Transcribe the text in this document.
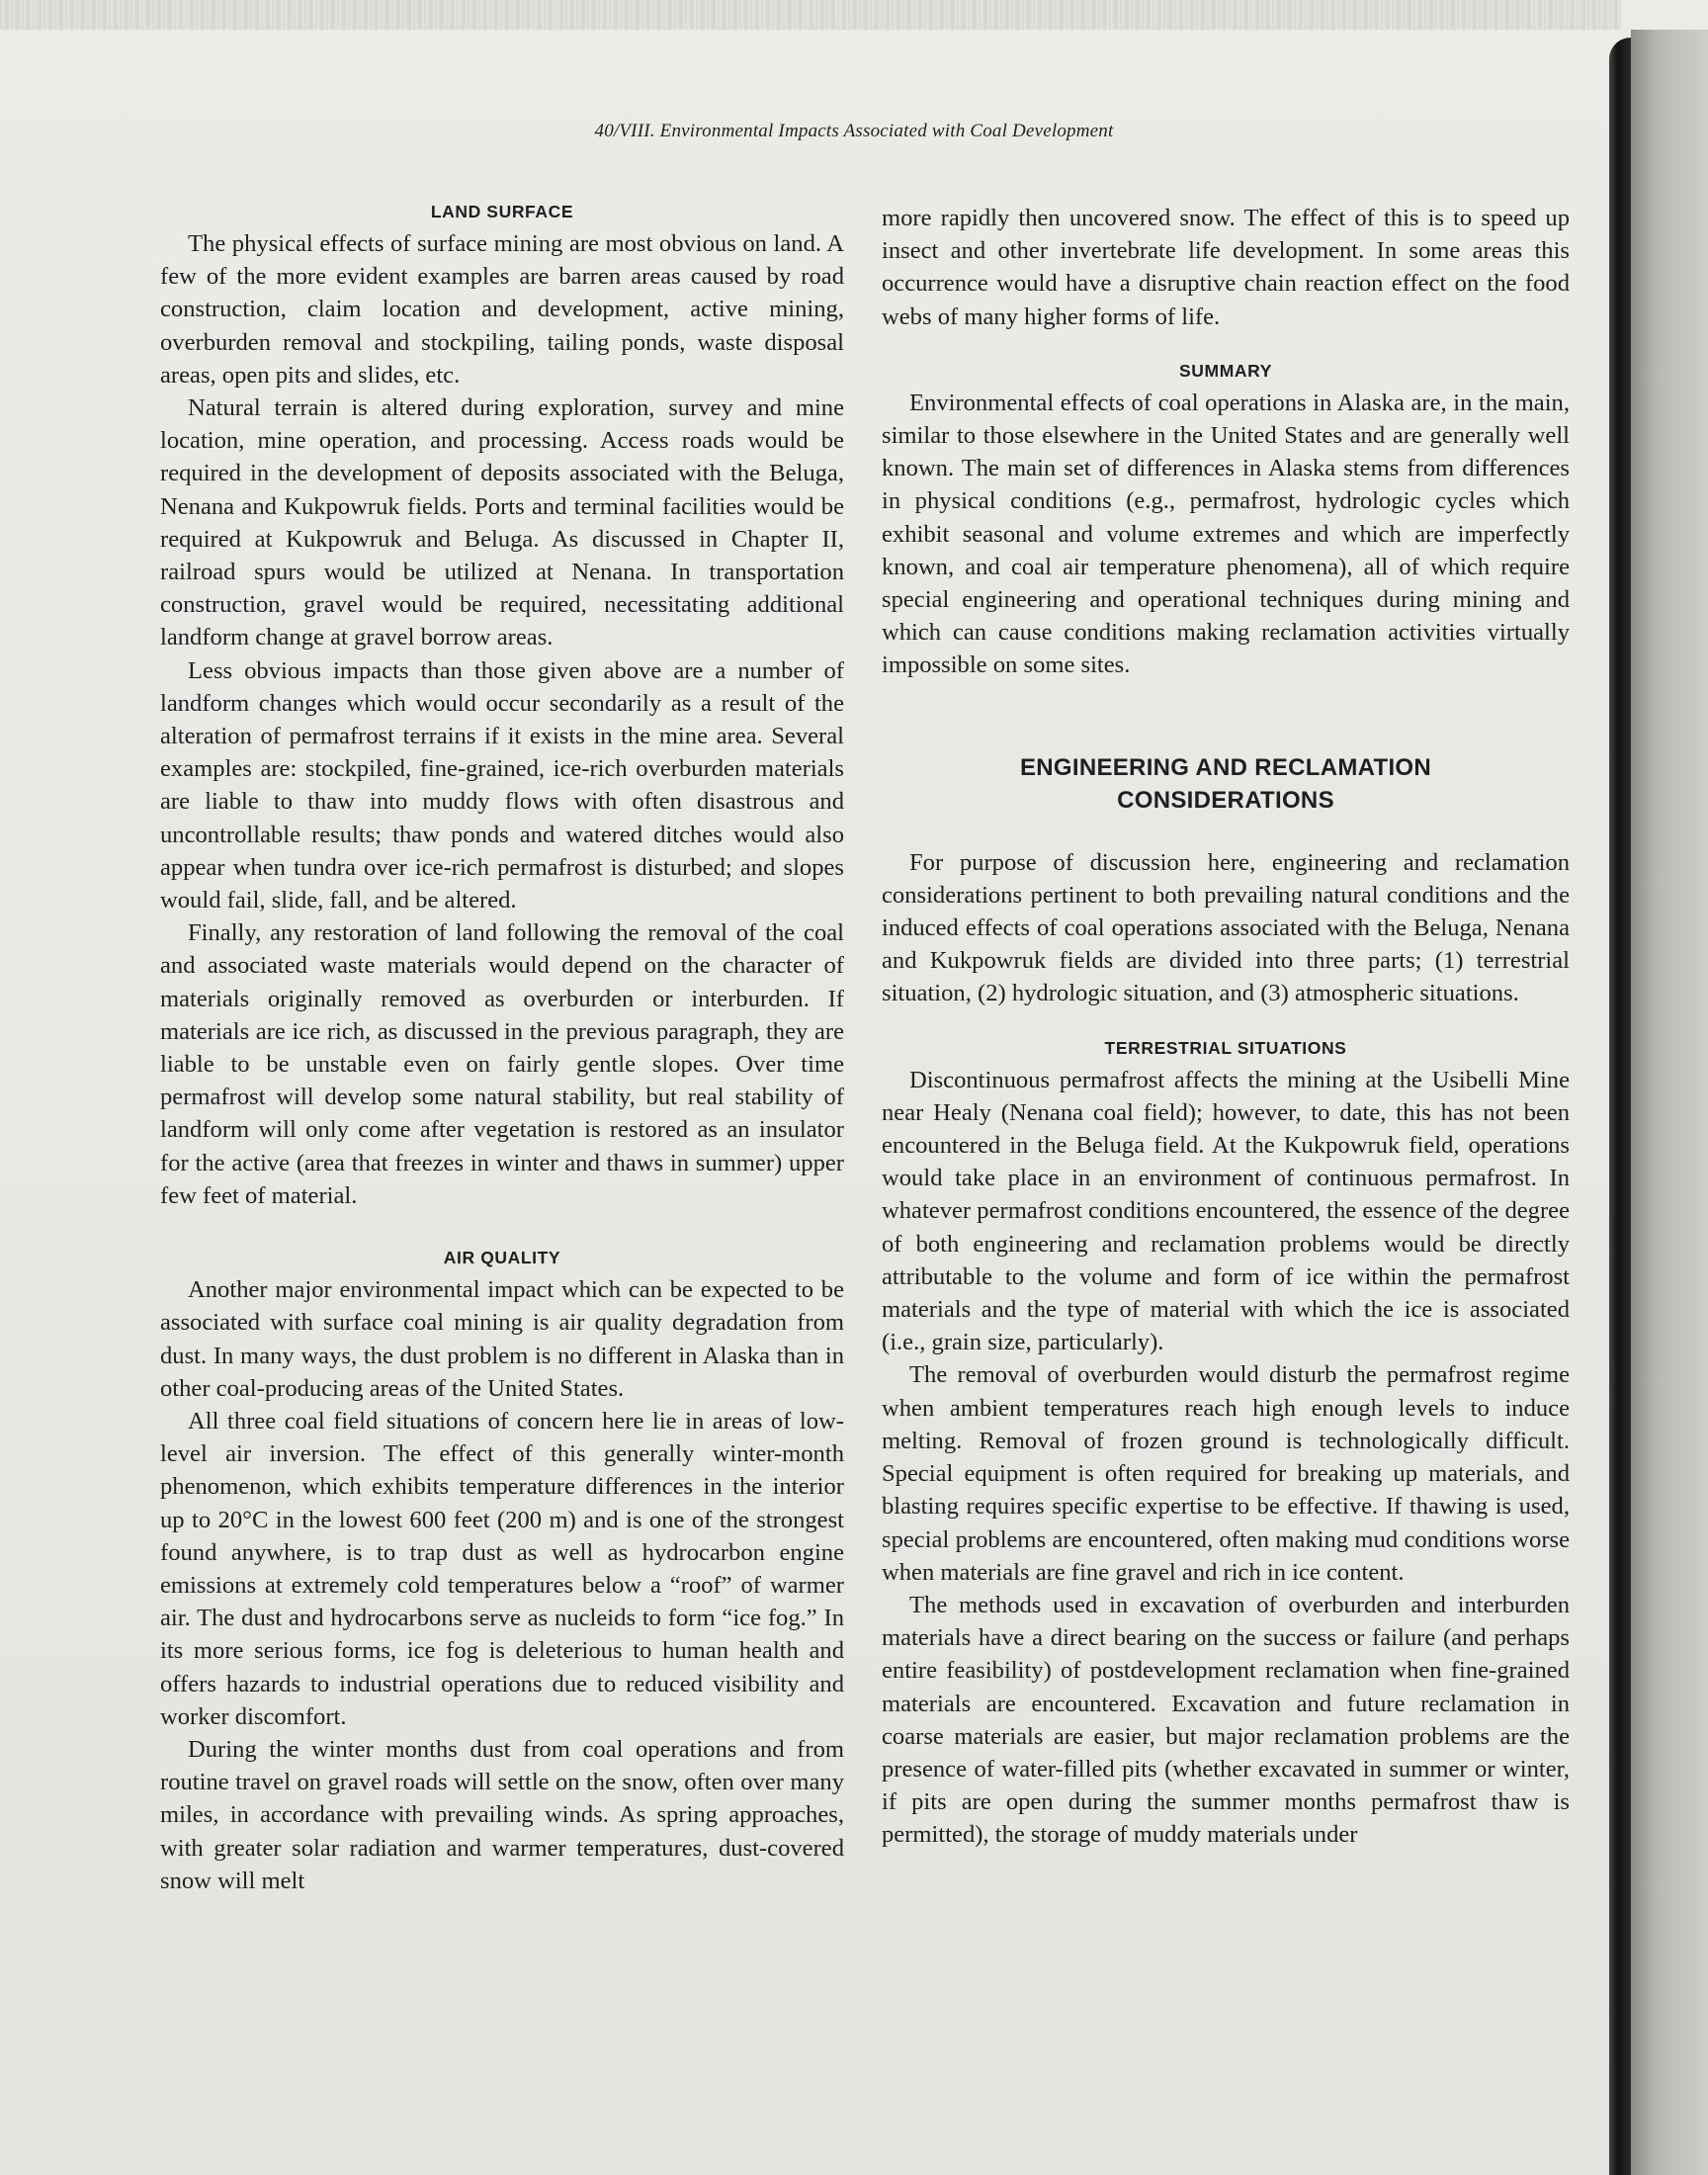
40/VIII. Environmental Impacts Associated with Coal Development
LAND SURFACE

The physical effects of surface mining are most obvious on land. A few of the more evident examples are barren areas caused by road construction, claim location and development, active mining, overburden removal and stockpiling, tailing ponds, waste disposal areas, open pits and slides, etc.

Natural terrain is altered during exploration, survey and mine location, mine operation, and processing. Access roads would be required in the development of deposits associated with the Beluga, Nenana and Kukpowruk fields. Ports and terminal facilities would be required at Kukpowruk and Beluga. As discussed in Chapter II, railroad spurs would be utilized at Nenana. In transportation construction, gravel would be required, necessitating additional landform change at gravel borrow areas.

Less obvious impacts than those given above are a number of landform changes which would occur secondarily as a result of the alteration of permafrost terrains if it exists in the mine area. Several examples are: stockpiled, fine-grained, ice-rich overburden materials are liable to thaw into muddy flows with often disastrous and uncontrollable results; thaw ponds and watered ditches would also appear when tundra over ice-rich permafrost is disturbed; and slopes would fail, slide, fall, and be altered.

Finally, any restoration of land following the removal of the coal and associated waste materials would depend on the character of materials originally removed as overburden or interburden. If materials are ice rich, as discussed in the previous paragraph, they are liable to be unstable even on fairly gentle slopes. Over time permafrost will develop some natural stability, but real stability of landform will only come after vegetation is restored as an insulator for the active (area that freezes in winter and thaws in summer) upper few feet of material.

AIR QUALITY

Another major environmental impact which can be expected to be associated with surface coal mining is air quality degradation from dust. In many ways, the dust problem is no different in Alaska than in other coal-producing areas of the United States.

All three coal field situations of concern here lie in areas of low-level air inversion. The effect of this generally winter-month phenomenon, which exhibits temperature differences in the interior up to 20°C in the lowest 600 feet (200 m) and is one of the strongest found anywhere, is to trap dust as well as hydrocarbon engine emissions at extremely cold temperatures below a “roof” of warmer air. The dust and hydrocarbons serve as nucleids to form “ice fog.” In its more serious forms, ice fog is deleterious to human health and offers hazards to industrial operations due to reduced visibility and worker discomfort.

During the winter months dust from coal operations and from routine travel on gravel roads will settle on the snow, often over many miles, in accordance with prevailing winds. As spring approaches, with greater solar radiation and warmer temperatures, dust-covered snow will melt

more rapidly then uncovered snow. The effect of this is to speed up insect and other invertebrate life development. In some areas this occurrence would have a disruptive chain reaction effect on the food webs of many higher forms of life.

SUMMARY

Environmental effects of coal operations in Alaska are, in the main, similar to those elsewhere in the United States and are generally well known. The main set of differences in Alaska stems from differences in physical conditions (e.g., permafrost, hydrologic cycles which exhibit seasonal and volume extremes and which are imperfectly known, and coal air temperature phenomena), all of which require special engineering and operational techniques during mining and which can cause conditions making reclamation activities virtually impossible on some sites.

ENGINEERING AND RECLAMATION
CONSIDERATIONS

For purpose of discussion here, engineering and reclamation considerations pertinent to both prevailing natural conditions and the induced effects of coal operations associated with the Beluga, Nenana and Kukpowruk fields are divided into three parts; (1) terrestrial situation, (2) hydrologic situation, and (3) atmospheric situations.

TERRESTRIAL SITUATIONS

Discontinuous permafrost affects the mining at the Usibelli Mine near Healy (Nenana coal field); however, to date, this has not been encountered in the Beluga field. At the Kukpowruk field, operations would take place in an environment of continuous permafrost. In whatever permafrost conditions encountered, the essence of the degree of both engineering and reclamation problems would be directly attributable to the volume and form of ice within the permafrost materials and the type of material with which the ice is associated (i.e., grain size, particularly).

The removal of overburden would disturb the permafrost regime when ambient temperatures reach high enough levels to induce melting. Removal of frozen ground is technologically difficult. Special equipment is often required for breaking up materials, and blasting requires specific expertise to be effective. If thawing is used, special problems are encountered, often making mud conditions worse when materials are fine gravel and rich in ice content.

The methods used in excavation of overburden and interburden materials have a direct bearing on the success or failure (and perhaps entire feasibility) of postdevelopment reclamation when fine-grained materials are encountered. Excavation and future reclamation in coarse materials are easier, but major reclamation problems are the presence of water-filled pits (whether excavated in summer or winter, if pits are open during the summer months permafrost thaw is permitted), the storage of muddy materials under
